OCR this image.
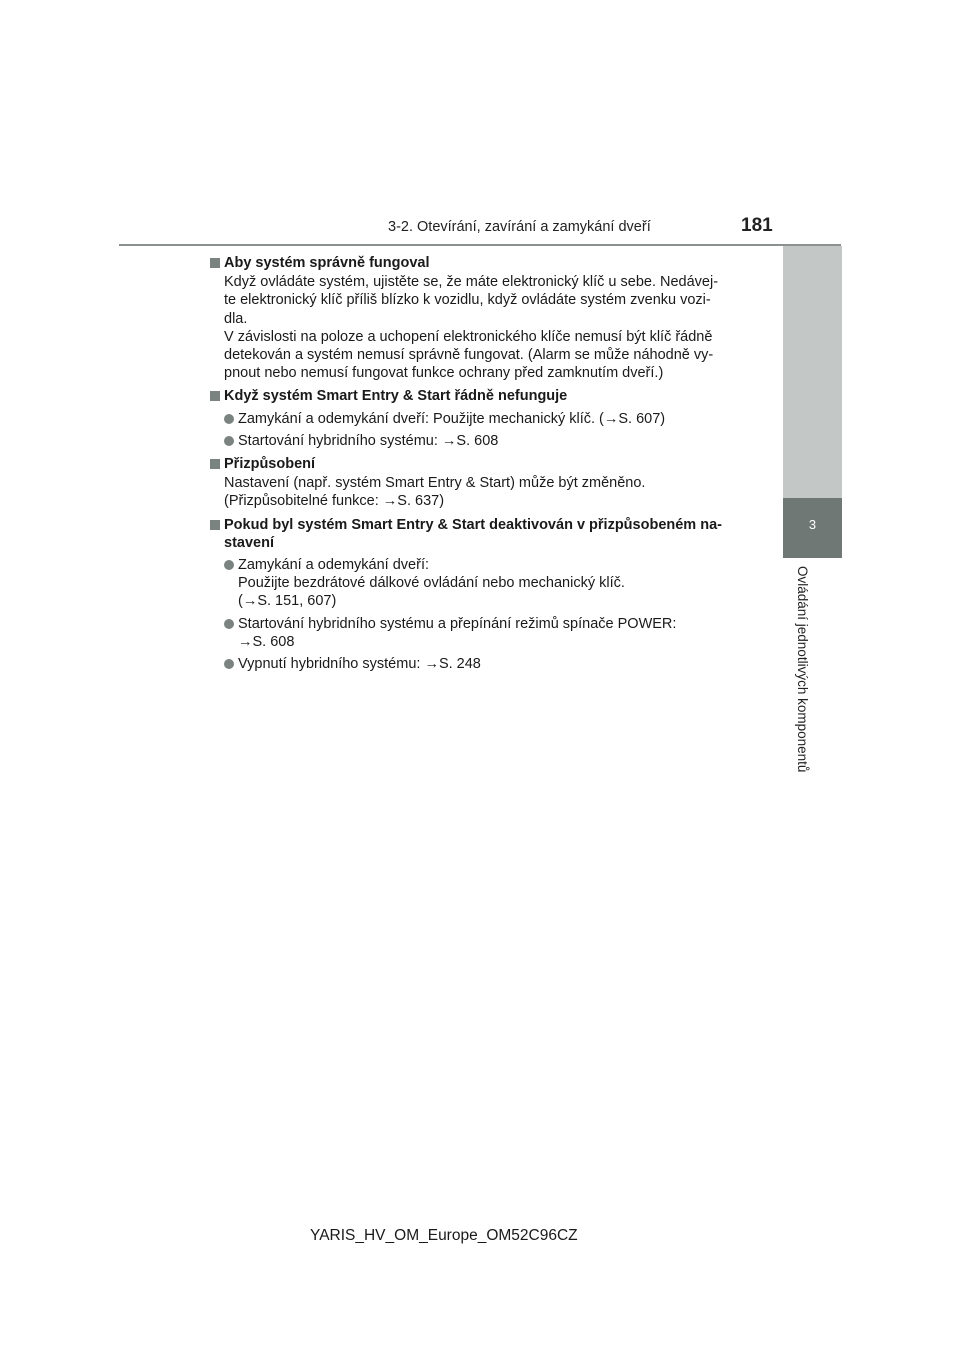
3-2. Otevírání, zavírání a zamykání dveří	181
3
Ovládání jednotlivých komponentů
Aby systém správně fungoval
Když ovládáte systém, ujistěte se, že máte elektronický klíč u sebe. Nedávej-
te elektronický klíč příliš blízko k vozidlu, když ovládáte systém zvenku vozi-
dla.
V závislosti na poloze a uchopení elektronického klíče nemusí být klíč řádně
detekován a systém nemusí správně fungovat. (Alarm se může náhodně vy-
pnout nebo nemusí fungovat funkce ochrany před zamknutím dveří.)
Když systém Smart Entry & Start řádně nefunguje
Zamykání a odemykání dveří: Použijte mechanický klíč. (→S. 607)
Startování hybridního systému: →S. 608
Přizpůsobení
Nastavení (např. systém Smart Entry & Start) může být změněno.
(Přizpůsobitelné funkce: →S. 637)
Pokud byl systém Smart Entry & Start deaktivován v přizpůsobeném na-
stavení
Zamykání a odemykání dveří:
Použijte bezdrátové dálkové ovládání nebo mechanický klíč.
(→S. 151, 607)
Startování hybridního systému a přepínání režimů spínače POWER:
→S. 608
Vypnutí hybridního systému: →S. 248
YARIS_HV_OM_Europe_OM52C96CZ
